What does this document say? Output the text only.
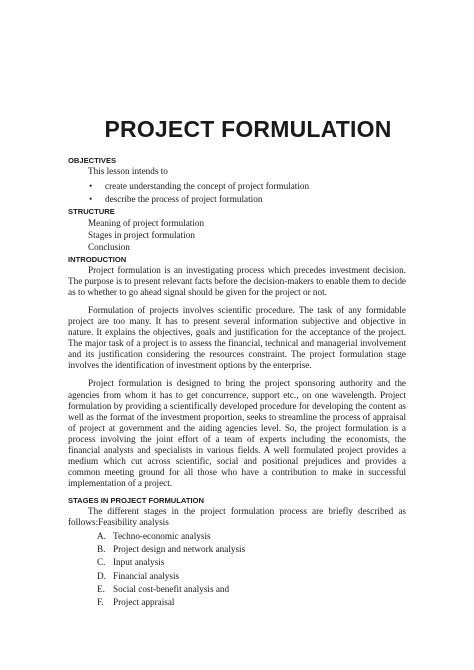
PROJECT FORMULATION
OBJECTIVES
This lesson intends to
• create understanding the concept of project formulation
• describe the process of project formulation
STRUCTURE
Meaning of project formulation
Stages in project formulation
Conclusion
INTRODUCTION

Project formulation is an investigating process which precedes investment decision. The purpose is to present relevant facts before the decision-makers to enable them to decide as to whether to go ahead signal should be given for the project or not.

Formulation of projects involves scientific procedure. The task of any formidable project are too many. It has to present several information subjective and objective in nature. It explains the objectives, goals and justification for the acceptance of the project. The major task of a project is to assess the financial, technical and managerial involvement and its justification considering the resources constraint. The project formulation stage involves the identification of investment options by the enterprise.

Project formulation is designed to bring the project sponsoring authority and the agencies from whom it has to get concurrence, support etc., on one wavelength. Project formulation by providing a scientifically developed procedure for developing the content as well as the format of the investment proportion, seeks to streamline the process of appraisal of project at government and the aiding agencies level. So, the project formulation is a process involving the joint effort of a team of experts including the economists, the financial analysts and specialists in various fields. A well formulated project provides a medium which cut across scientific, social and positional prejudices and provides a common meeting ground for all those who have a contribution to make in successful implementation of a project.

STAGES IN PROJECT FORMULATION

The different stages in the project formulation process are briefly described as follows:Feasibility analysis

A. Techno-economic analysis
B. Project design and network analysis
C. Input analysis
D. Financial analysis
E. Social cost-benefit analysis and
F.	Project appraisal
